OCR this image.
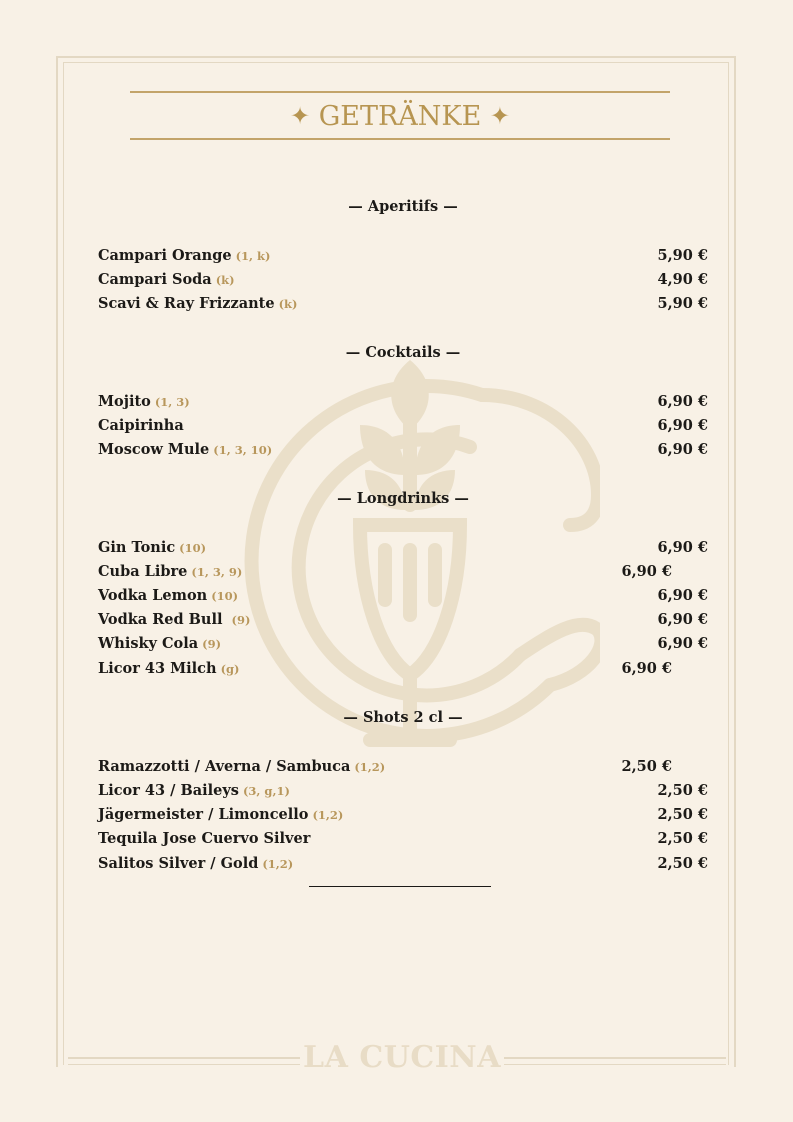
LA CUCINA
✦ GETRÄNKE ✦
— Aperitifs —
Campari Orange (1, k)	5,90 €
Campari Soda (k)	4,90 €
Scavi & Ray Frizzante (k)	5,90 €
— Cocktails —
Mojito (1, 3)	6,90 €
Caipirinha	6,90 €
Moscow Mule (1, 3, 10)	6,90 €
— Longdrinks —
Gin Tonic (10)	6,90 €
Cuba Libre (1, 3, 9)	6,90 €
Vodka Lemon (10)	6,90 €
Vodka Red Bull (9)	6,90 €
Whisky Cola (9)	6,90 €
Licor 43 Milch (g)	6,90 €
— Shots 2 cl —
Ramazzotti / Averna / Sambuca (1,2)	2,50 €
Licor 43 / Baileys (3, g,1)	2,50 €
Jägermeister / Limoncello (1,2)	2,50 €
Tequila Jose Cuervo Silver	2,50 €
Salitos Silver / Gold (1,2)	2,50 €
